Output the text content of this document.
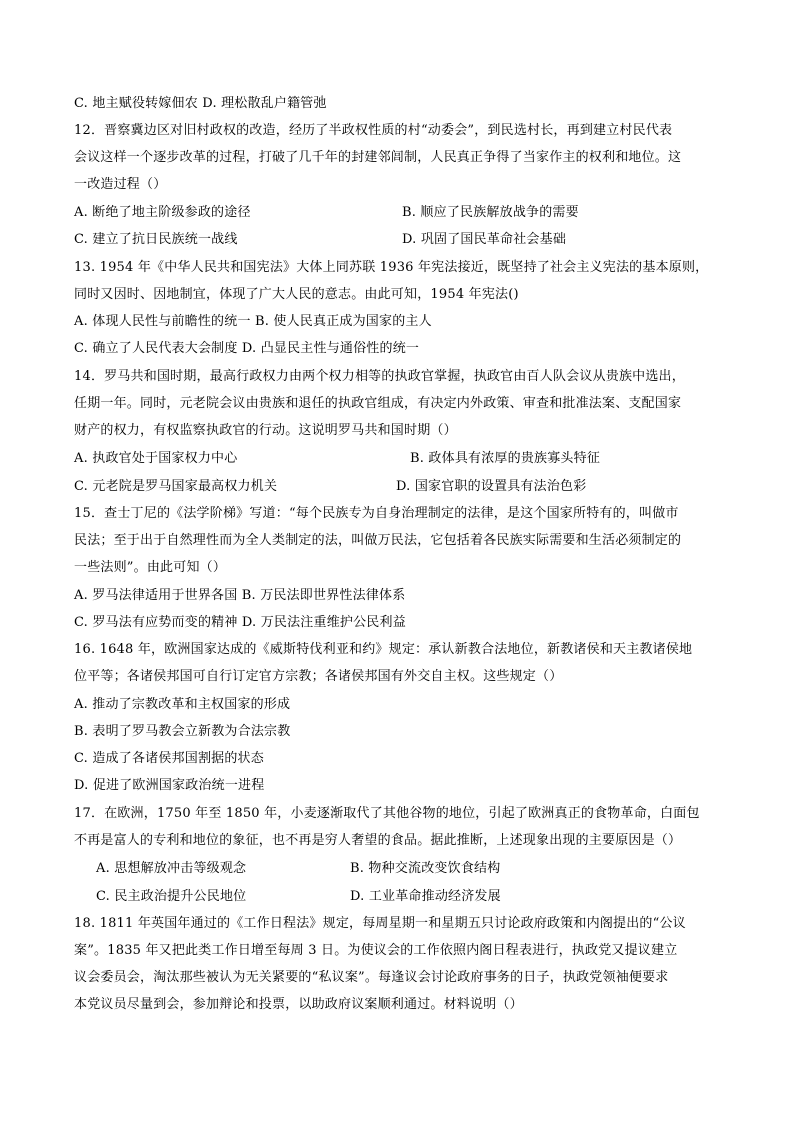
C. 地主赋役转嫁佃农 D. 理松散乱户籍管弛
12．晋察冀边区对旧村政权的改造，经历了半政权性质的村“动委会”，到民选村长，再到建立村民代表
会议这样一个逐步改革的过程，打破了几千年的封建邻闾制，人民真正争得了当家作主的权利和地位。这
一改造过程（）
A. 断绝了地主阶级参政的途径	B. 顺应了民族解放战争的需要
C. 建立了抗日民族统一战线	D. 巩固了国民革命社会基础
13. 1954 年《中华人民共和国宪法》大体上同苏联 1936 年宪法接近，既坚持了社会主义宪法的基本原则，
同时又因时、因地制宜，体现了广大人民的意志。由此可知，1954 年宪法()
A. 体现人民性与前瞻性的统一 B. 使人民真正成为国家的主人
C. 确立了人民代表大会制度 D. 凸显民主性与通俗性的统一
14．罗马共和国时期，最高行政权力由两个权力相等的执政官掌握，执政官由百人队会议从贵族中选出，
任期一年。同时，元老院会议由贵族和退任的执政官组成，有决定内外政策、审查和批准法案、支配国家
财产的权力，有权监察执政官的行动。这说明罗马共和国时期（）
A. 执政官处于国家权力中心	B. 政体具有浓厚的贵族寡头特征
C. 元老院是罗马国家最高权力机关	D. 国家官职的设置具有法治色彩
15．查士丁尼的《法学阶梯》写道：“每个民族专为自身治理制定的法律，是这个国家所特有的，叫做市
民法；至于出于自然理性而为全人类制定的法，叫做万民法，它包括着各民族实际需要和生活必须制定的
一些法则”。由此可知（）
A. 罗马法律适用于世界各国 B. 万民法即世界性法律体系
C. 罗马法有应势而变的精神 D. 万民法注重维护公民利益
16. 1648 年，欧洲国家达成的《威斯特伐利亚和约》规定：承认新教合法地位，新教诸侯和天主教诸侯地
位平等；各诸侯邦国可自行订定官方宗教；各诸侯邦国有外交自主权。这些规定（）
A. 推动了宗教改革和主权国家的形成
B. 表明了罗马教会立新教为合法宗教
C. 造成了各诸侯邦国割据的状态
D. 促进了欧洲国家政治统一进程
17．在欧洲，1750 年至 1850 年，小麦逐渐取代了其他谷物的地位，引起了欧洲真正的食物革命，白面包
不再是富人的专利和地位的象征，也不再是穷人奢望的食品。据此推断，上述现象出现的主要原因是（）
A. 思想解放冲击等级观念	B. 物种交流改变饮食结构
C. 民主政治提升公民地位	D. 工业革命推动经济发展
18. 1811 年英国年通过的《工作日程法》规定，每周星期一和星期五只讨论政府政策和内阁提出的“公议
案”。1835 年又把此类工作日增至每周 3 日。为使议会的工作依照内阁日程表进行，执政党又提议建立
议会委员会，淘汰那些被认为无关紧要的“私议案”。每逢议会讨论政府事务的日子，执政党领袖便要求
本党议员尽量到会，参加辩论和投票，以助政府议案顺利通过。材料说明（）
